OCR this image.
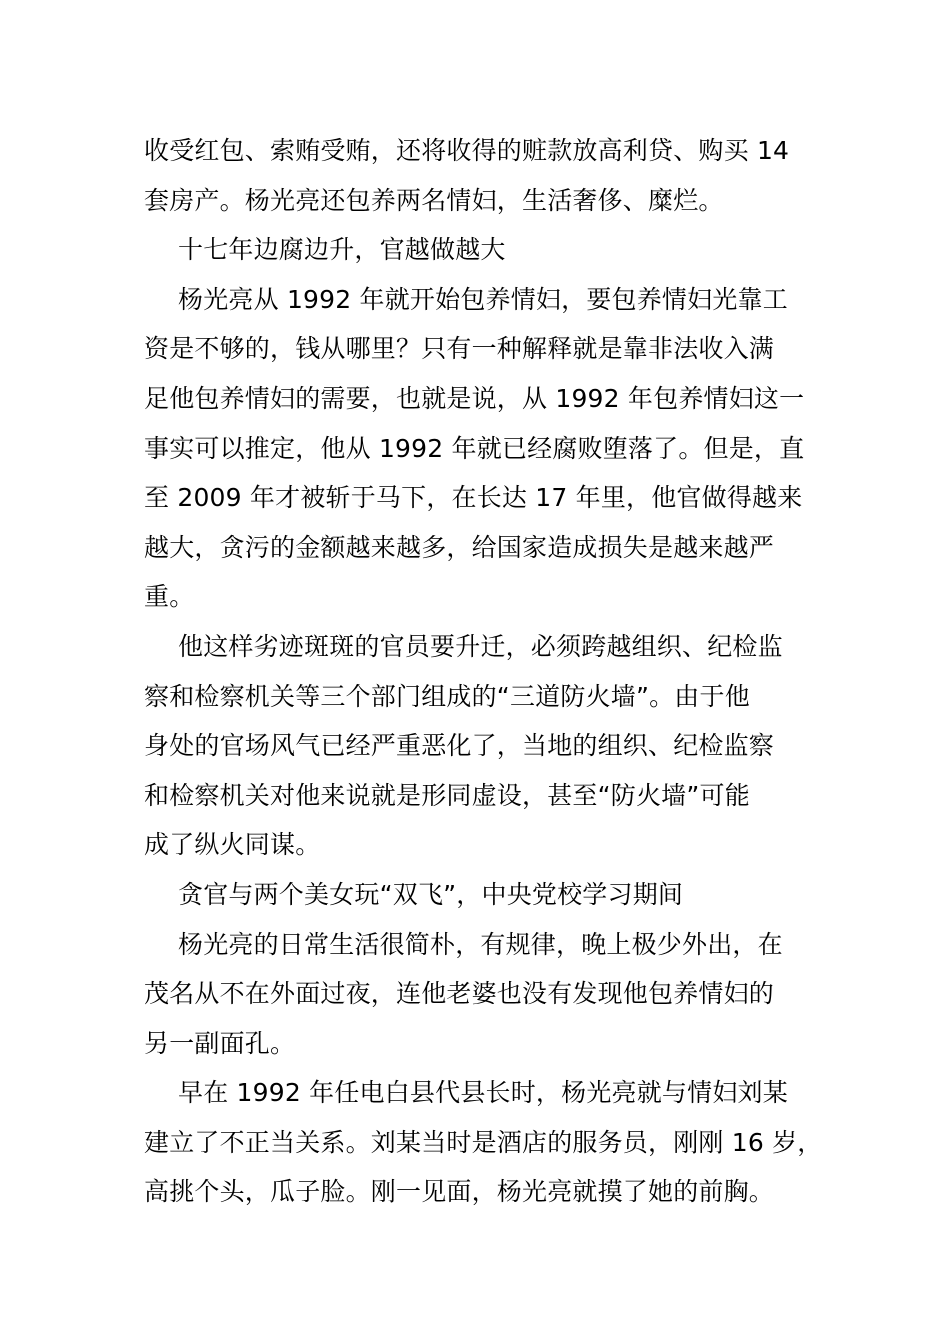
收受红包、索贿受贿，还将收得的赃款放高利贷、购买 14
套房产。杨光亮还包养两名情妇，生活奢侈、糜烂。
十七年边腐边升，官越做越大
杨光亮从 1992 年就开始包养情妇，要包养情妇光靠工
资是不够的，钱从哪里？只有一种解释就是靠非法收入满
足他包养情妇的需要，也就是说，从 1992 年包养情妇这一
事实可以推定，他从 1992 年就已经腐败堕落了。但是，直
至 2009 年才被斩于马下，在长达 17 年里，他官做得越来
越大，贪污的金额越来越多，给国家造成损失是越来越严
重。
他这样劣迹斑斑的官员要升迁，必须跨越组织、纪检监
察和检察机关等三个部门组成的“三道防火墙”。由于他
身处的官场风气已经严重恶化了，当地的组织、纪检监察
和检察机关对他来说就是形同虚设，甚至“防火墙”可能
成了纵火同谋。
贪官与两个美女玩“双飞”，中央党校学习期间
杨光亮的日常生活很简朴，有规律，晚上极少外出，在
茂名从不在外面过夜，连他老婆也没有发现他包养情妇的
另一副面孔。
早在 1992 年任电白县代县长时，杨光亮就与情妇刘某
建立了不正当关系。刘某当时是酒店的服务员，刚刚 16 岁，
高挑个头，瓜子脸。刚一见面，杨光亮就摸了她的前胸。
